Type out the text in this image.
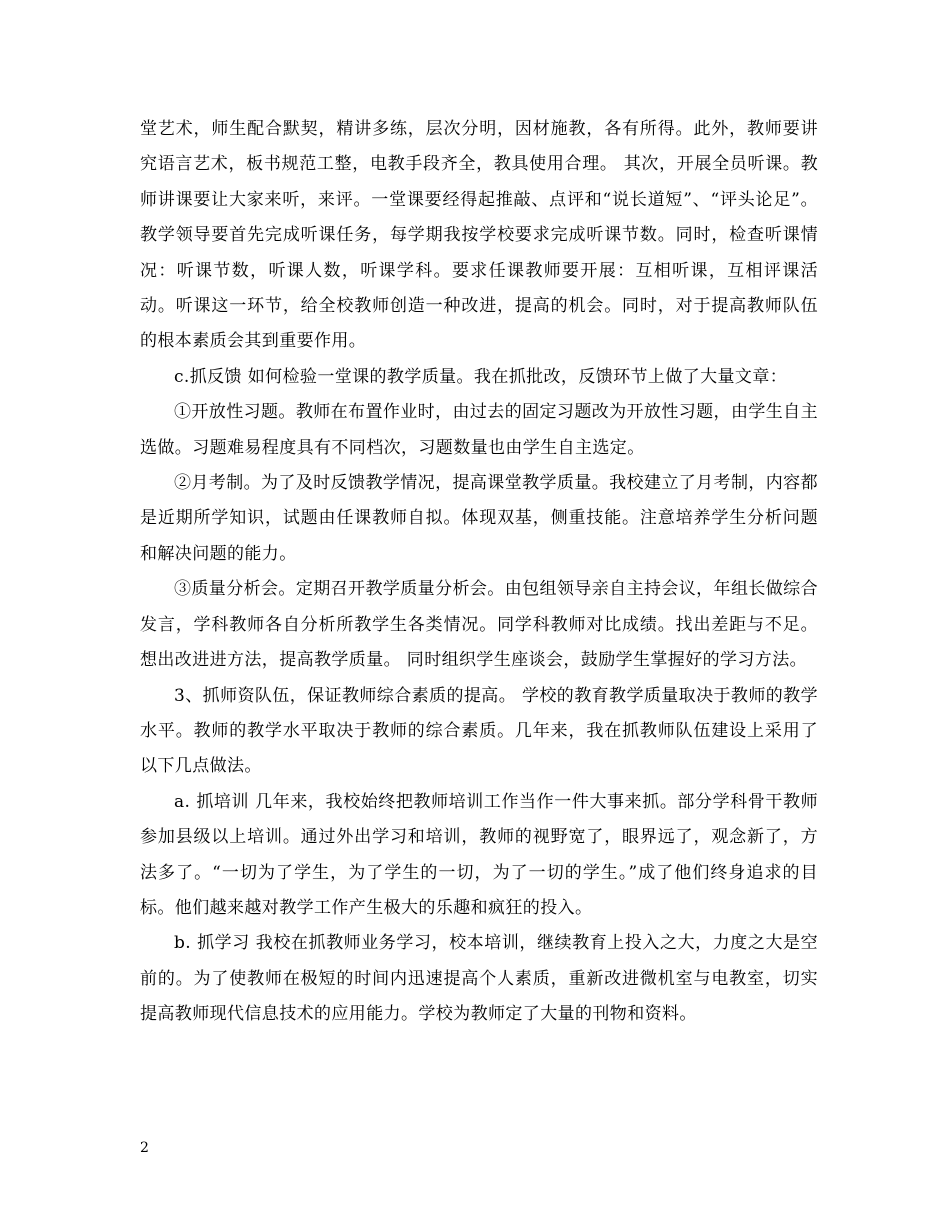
堂艺术，师生配合默契，精讲多练，层次分明，因材施教，各有所得。此外，教师要讲究语言艺术，板书规范工整，电教手段齐全，教具使用合理。 其次，开展全员听课。教师讲课要让大家来听，来评。一堂课要经得起推敲、点评和“说长道短”、“评头论足”。教学领导要首先完成听课任务，每学期我按学校要求完成听课节数。同时，检查听课情况：听课节数，听课人数，听课学科。要求任课教师要开展：互相听课，互相评课活动。听课这一环节，给全校教师创造一种改进，提高的机会。同时，对于提高教师队伍的根本素质会其到重要作用。

c.抓反馈 如何检验一堂课的教学质量。我在抓批改，反馈环节上做了大量文章：

①开放性习题。教师在布置作业时，由过去的固定习题改为开放性习题，由学生自主选做。习题难易程度具有不同档次，习题数量也由学生自主选定。

②月考制。为了及时反馈教学情况，提高课堂教学质量。我校建立了月考制，内容都是近期所学知识，试题由任课教师自拟。体现双基，侧重技能。注意培养学生分析问题和解决问题的能力。

③质量分析会。定期召开教学质量分析会。由包组领导亲自主持会议，年组长做综合发言，学科教师各自分析所教学生各类情况。同学科教师对比成绩。找出差距与不足。想出改进进方法，提高教学质量。 同时组织学生座谈会，鼓励学生掌握好的学习方法。

3、抓师资队伍，保证教师综合素质的提高。 学校的教育教学质量取决于教师的教学水平。教师的教学水平取决于教师的综合素质。几年来，我在抓教师队伍建设上采用了以下几点做法。

a. 抓培训 几年来，我校始终把教师培训工作当作一件大事来抓。部分学科骨干教师参加县级以上培训。通过外出学习和培训，教师的视野宽了，眼界远了，观念新了，方法多了。“一切为了学生，为了学生的一切，为了一切的学生。”成了他们终身追求的目标。他们越来越对教学工作产生极大的乐趣和疯狂的投入。

b. 抓学习 我校在抓教师业务学习，校本培训，继续教育上投入之大，力度之大是空前的。为了使教师在极短的时间内迅速提高个人素质，重新改进微机室与电教室，切实提高教师现代信息技术的应用能力。学校为教师定了大量的刊物和资料。

2
